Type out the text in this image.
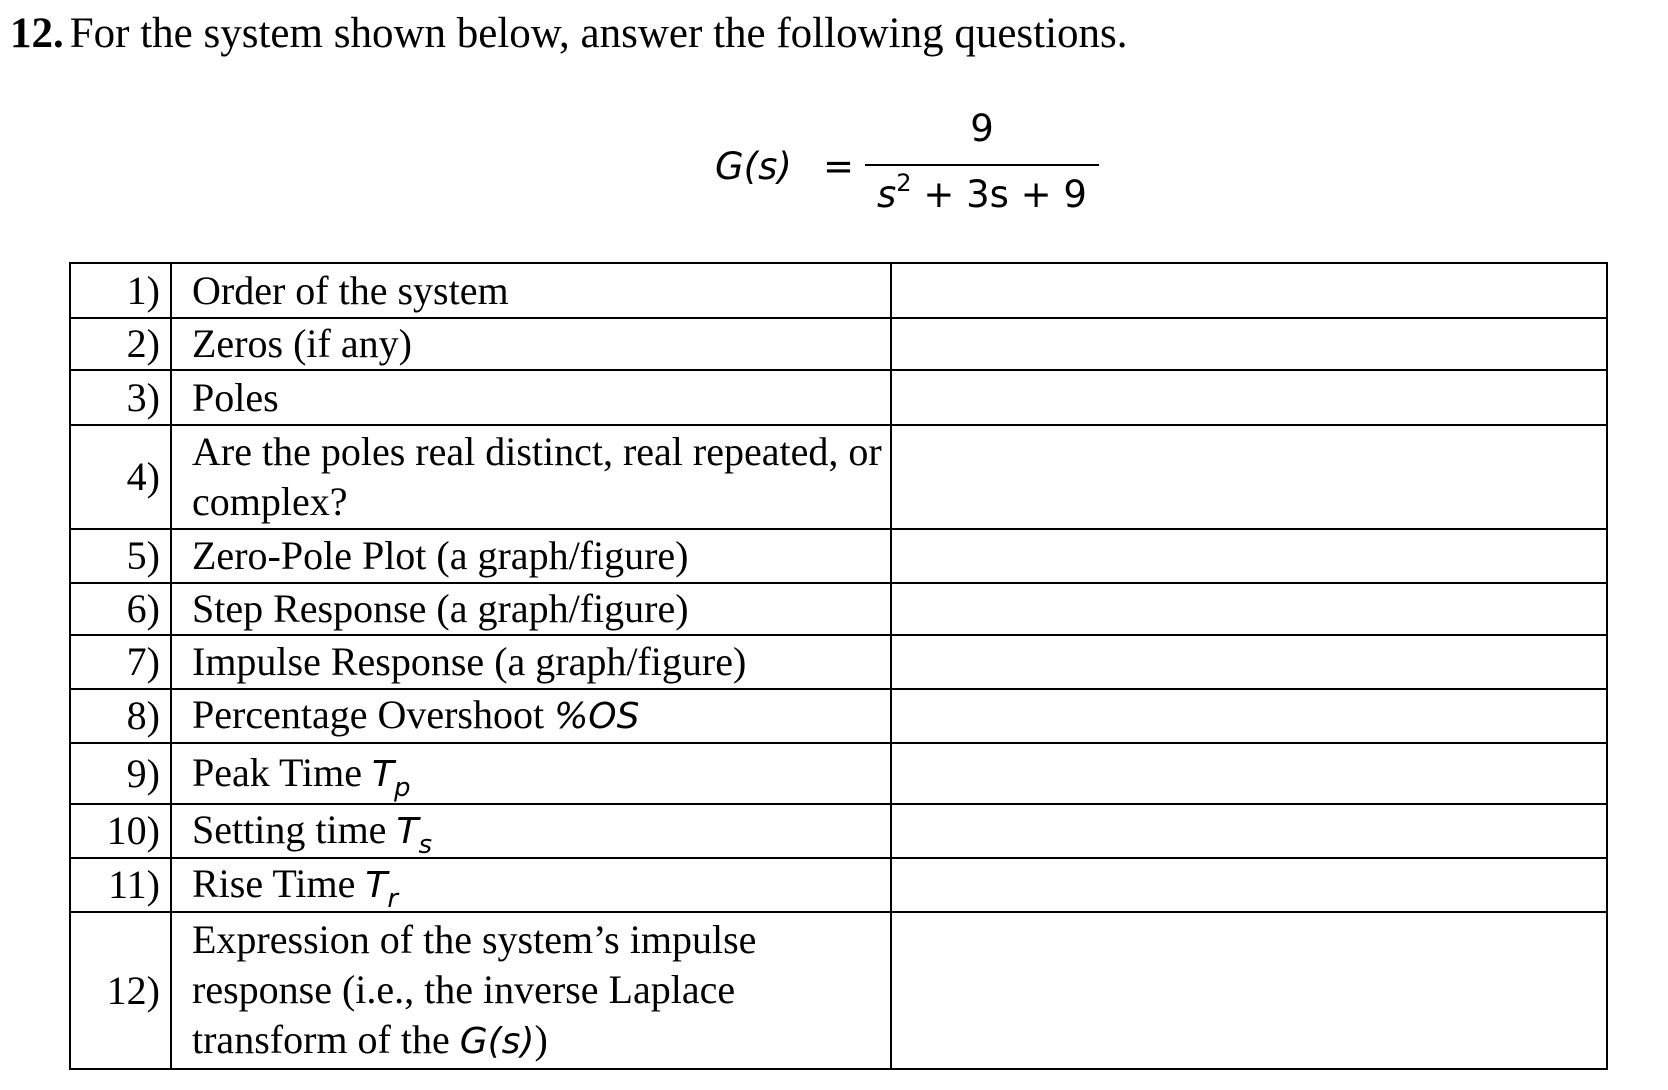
12. For the system shown below, answer the following questions.
G(s) =
9
$s^2 + 3s + 9$
1)	Order of the system	
2)	Zeros (if any)	
3)	Poles	
4)	Are the poles real distinct, real repeated, or complex?	
5)	Zero-Pole Plot (a graph/figure)	
6)	Step Response (a graph/figure)	
7)	Impulse Response (a graph/figure)	
8)	Percentage Overshoot %OS	
9)	Peak Time $T_p$	
10)	Setting time $T_s$	
11)	Rise Time $T_r$	
12)	Expression of the system’s impulse response (i.e., the inverse Laplace transform of the G(s))	
